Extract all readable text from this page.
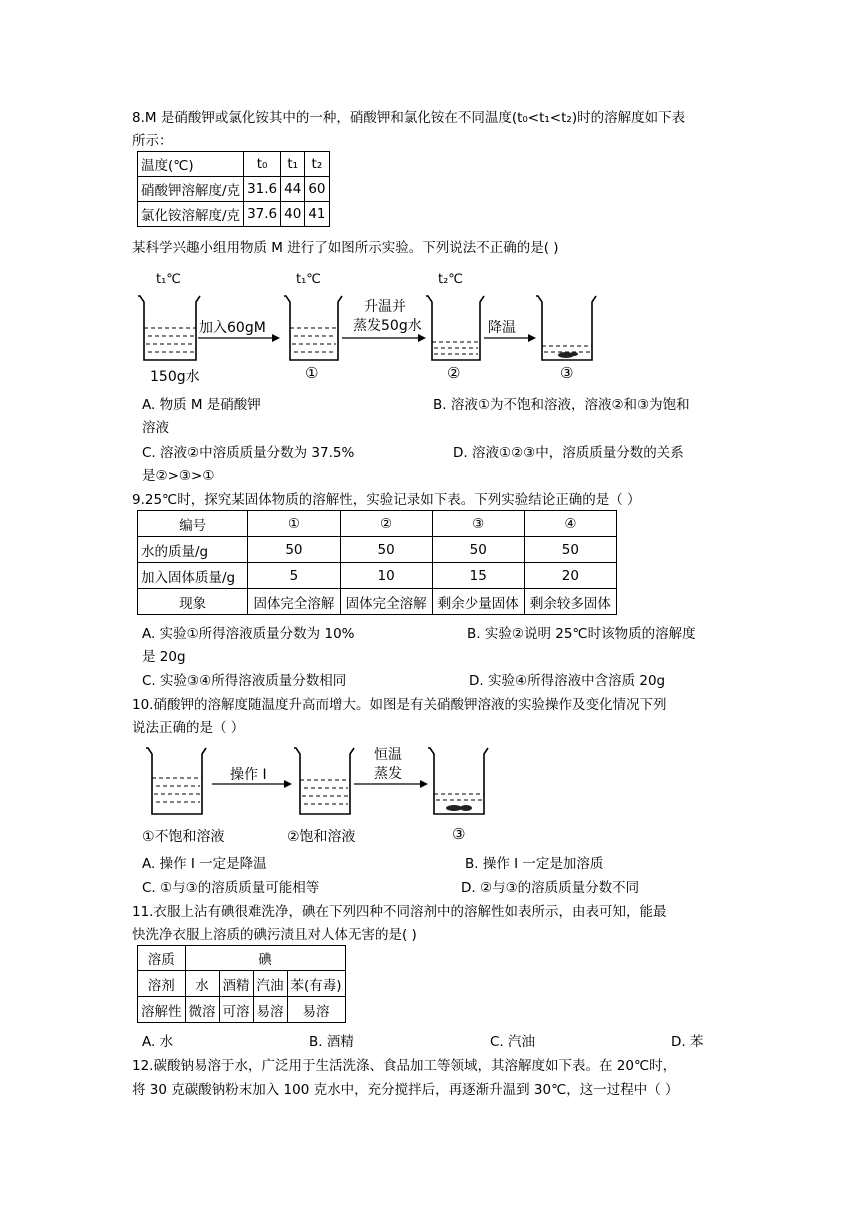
8.M 是硝酸钾或氯化铵其中的一种，硝酸钾和氯化铵在不同温度(t₀<t₁<t₂)时的溶解度如下表
所示：
温度(℃)	t₀	t₁	t₂
硝酸钾溶解度/克	31.6	44	60
氯化铵溶解度/克	37.6	40	41
某科学兴趣小组用物质 M 进行了如图所示实验。下列说法不正确的是( )
t₁℃	t₁℃	t₂℃
加入60gM
升温并
蒸发50g水	降温
150g水	①	②	③
A. 物质 M 是硝酸钾	B. 溶液①为不饱和溶液，溶液②和③为饱和
溶液
C. 溶液②中溶质质量分数为 37.5%	D. 溶液①②③中，溶质质量分数的关系
是②>③>①
9.25℃时，探究某固体物质的溶解性，实验记录如下表。下列实验结论正确的是（ ）
编号	①	②	③	④
水的质量/g	50	50	50	50
加入固体质量/g	5	10	15	20
现象	固体完全溶解	固体完全溶解	剩余少量固体	剩余较多固体
A. 实验①所得溶液质量分数为 10%	B. 实验②说明 25℃时该物质的溶解度
是 20g
C. 实验③④所得溶液质量分数相同	D. 实验④所得溶液中含溶质 20g
10.硝酸钾的溶解度随温度升高而增大。如图是有关硝酸钾溶液的实验操作及变化情况下列
说法正确的是（ ）
操作 I
恒温
蒸发
①不饱和溶液	②饱和溶液	③
A. 操作 I 一定是降温	B. 操作 I 一定是加溶质
C. ①与③的溶质质量可能相等	D. ②与③的溶质质量分数不同
11.衣服上沾有碘很难洗净，碘在下列四种不同溶剂中的溶解性如表所示，由表可知，能最
快洗净衣服上溶质的碘污渍且对人体无害的是( )
溶质	碘			
溶剂	水	酒精	汽油	苯(有毒)
溶解性	微溶	可溶	易溶	易溶
A. 水	B. 酒精	C. 汽油	D. 苯
12.碳酸钠易溶于水，广泛用于生活洗涤、食品加工等领域，其溶解度如下表。在 20℃时，
将 30 克碳酸钠粉末加入 100 克水中，充分搅拌后，再逐渐升温到 30℃，这一过程中（ ）
